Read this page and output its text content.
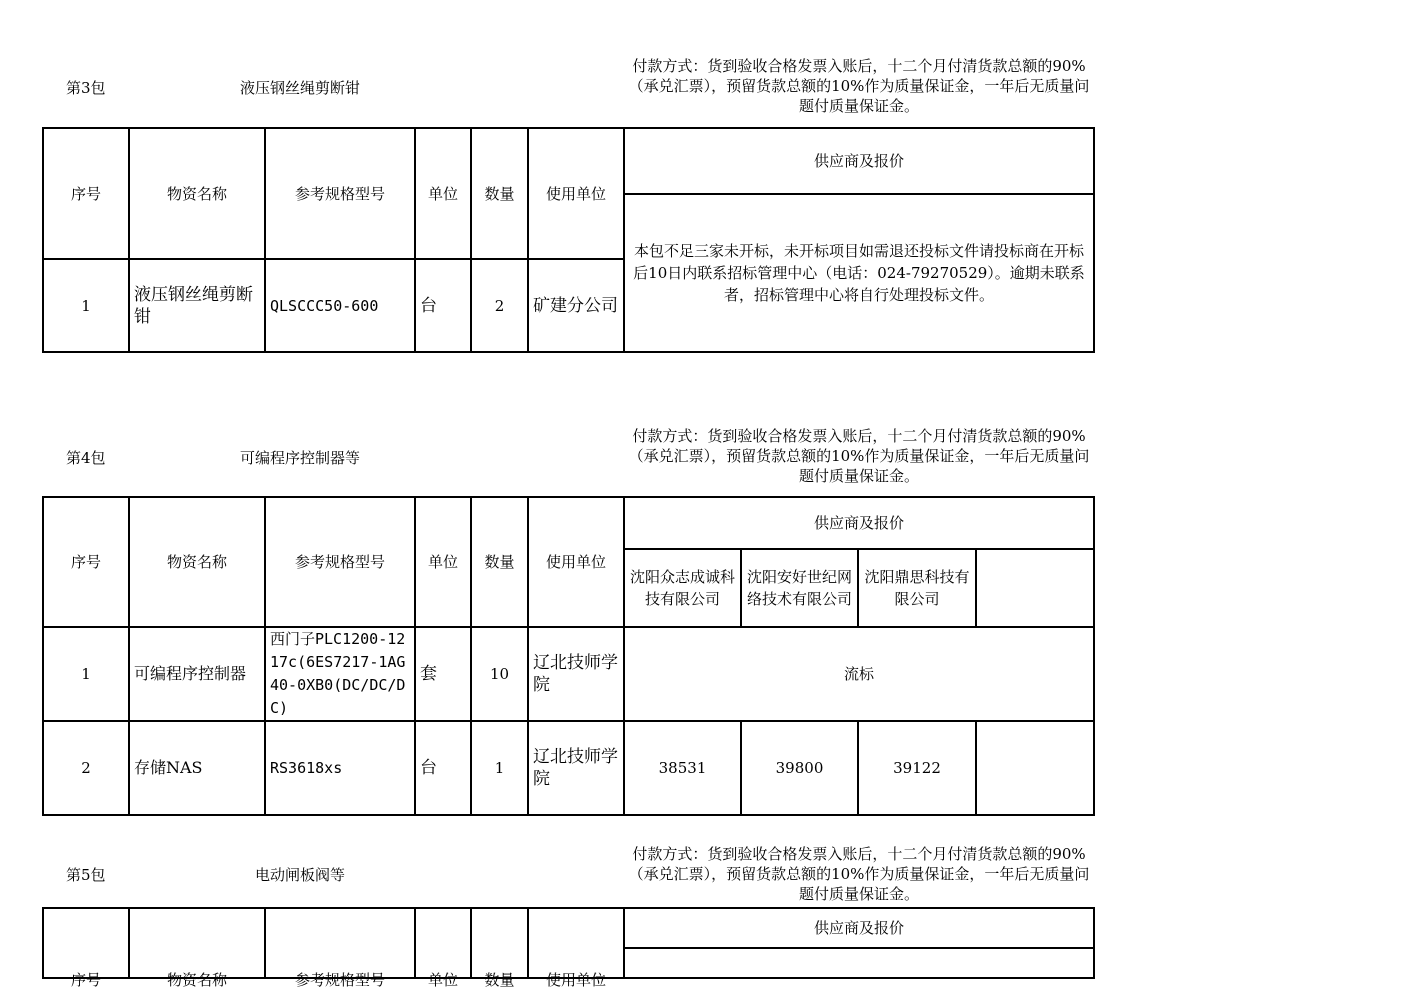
第3包	液压钢丝绳剪断钳
付款方式：货到验收合格发票入账后，十二个月付清货款总额的90%（承兑汇票），预留货款总额的10%作为质量保证金，一年后无质量问题付质量保证金。
序号	物资名称	参考规格型号	单位	数量	使用单位	供应商及报价
						本包不足三家未开标，未开标项目如需退还投标文件请投标商在开标后10日内联系招标管理中心（电话：024-79270529）。逾期未联系者，招标管理中心将自行处理投标文件。
1	液压钢丝绳剪断钳	QLSCCC50-600	台	2	矿建分公司	
第4包	可编程序控制器等
付款方式：货到验收合格发票入账后，十二个月付清货款总额的90%（承兑汇票），预留货款总额的10%作为质量保证金，一年后无质量问题付质量保证金。
序号	物资名称	参考规格型号	单位	数量	使用单位	供应商及报价			
						沈阳众志成诚科技有限公司	沈阳安好世纪网络技术有限公司	沈阳鼎思科技有限公司	
1	可编程序控制器	西门子PLC1200-1217c(6ES7217-1AG40-0XB0(DC/DC/DC)	套	10	辽北技师学院	流标			
2	存储NAS	RS3618xs	台	1	辽北技师学院	38531	39800	39122	
第5包	电动闸板阀等
付款方式：货到验收合格发票入账后，十二个月付清货款总额的90%（承兑汇票），预留货款总额的10%作为质量保证金，一年后无质量问题付质量保证金。
序号	物资名称	参考规格型号	单位	数量	使用单位	供应商及报价
